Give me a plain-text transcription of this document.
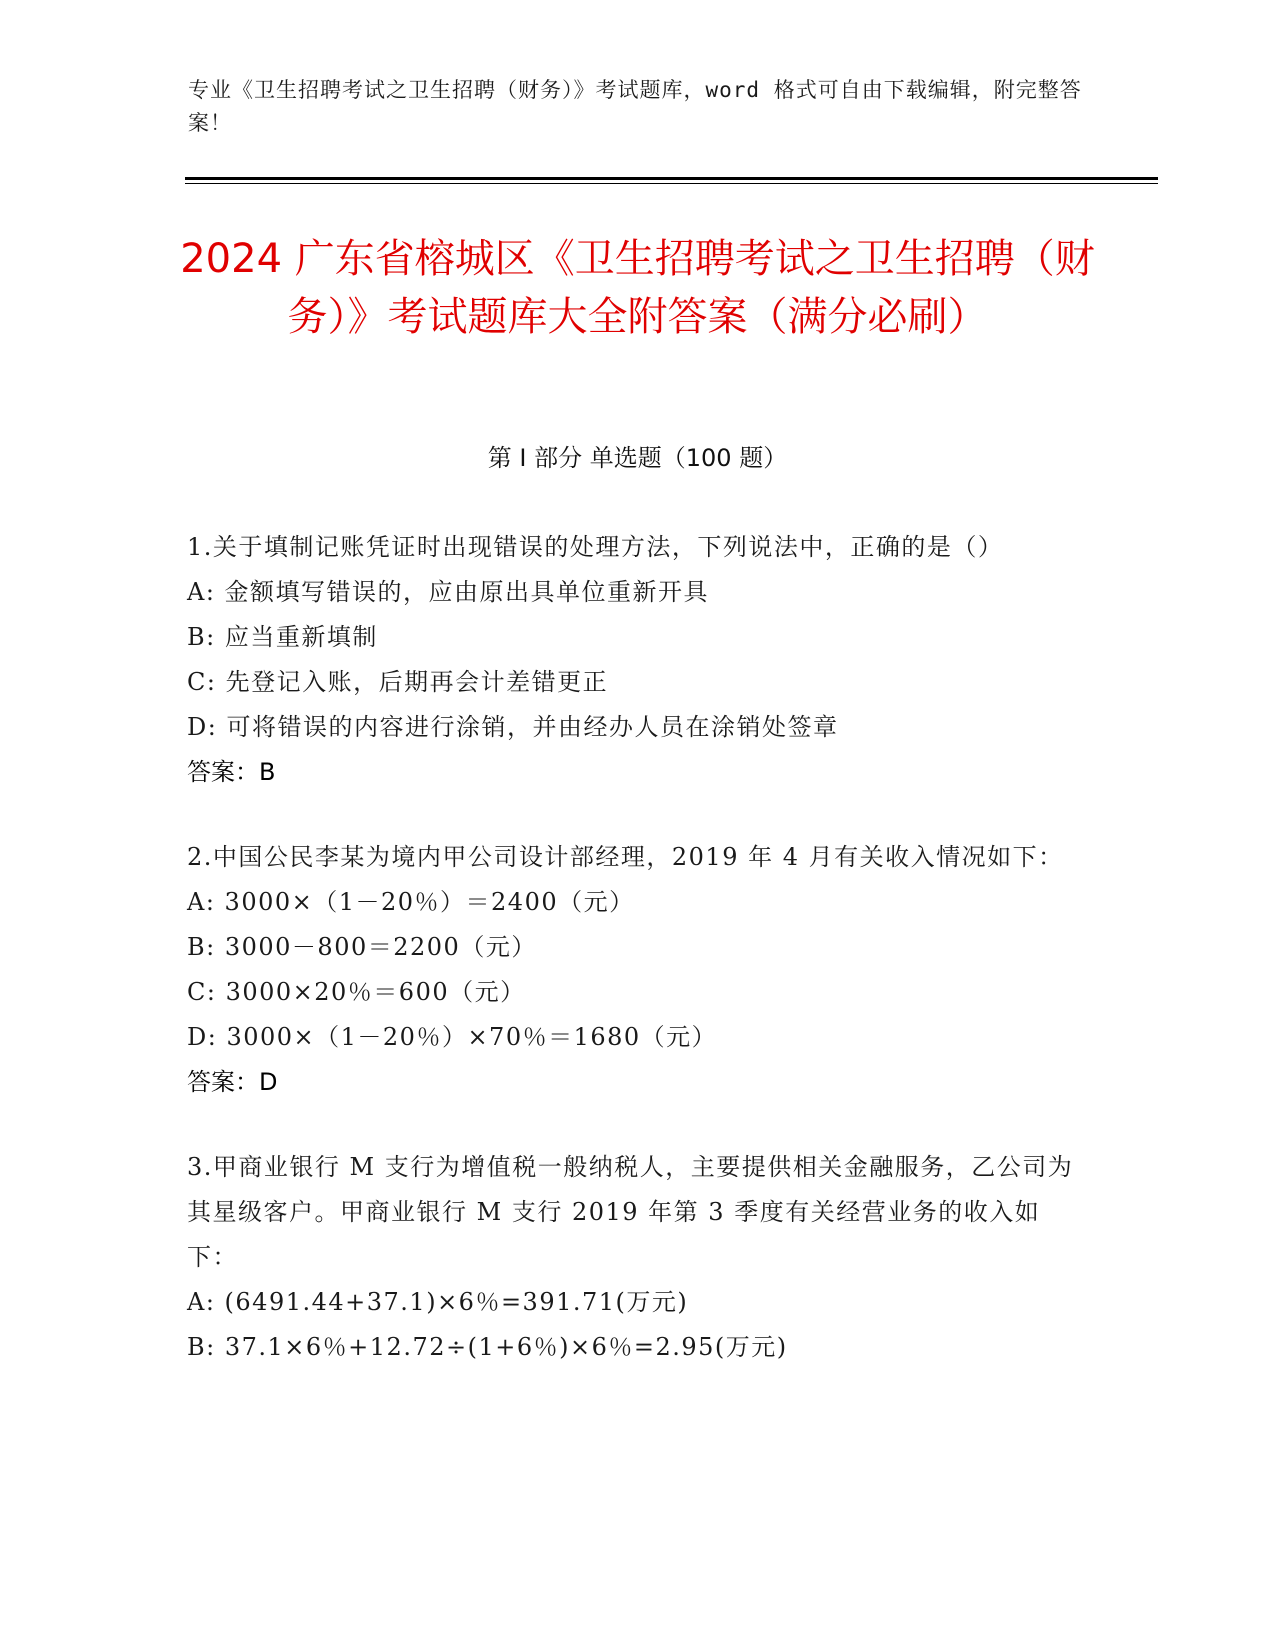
专业《卫生招聘考试之卫生招聘（财务）》考试题库，word 格式可自由下载编辑，附完整答案！
2024 广东省榕城区《卫生招聘考试之卫生招聘（财务）》考试题库大全附答案（满分必刷）
第 I 部分 单选题（100 题）
1.关于填制记账凭证时出现错误的处理方法，下列说法中，正确的是（）
A: 金额填写错误的，应由原出具单位重新开具
B: 应当重新填制
C: 先登记入账，后期再会计差错更正
D: 可将错误的内容进行涂销，并由经办人员在涂销处签章
答案：B
2.中国公民李某为境内甲公司设计部经理，2019 年 4 月有关收入情况如下：
A: 3000×（1－20％）＝2400（元）
B: 3000－800＝2200（元）
C: 3000×20％＝600（元）
D: 3000×（1－20％）×70％＝1680（元）
答案：D
3.甲商业银行 M 支行为增值税一般纳税人，主要提供相关金融服务，乙公司为其星级客户。甲商业银行 M 支行 2019 年第 3 季度有关经营业务的收入如下：
A: (6491.44+37.1)×6％=391.71(万元)
B: 37.1×6％+12.72÷(1+6％)×6％=2.95(万元)
